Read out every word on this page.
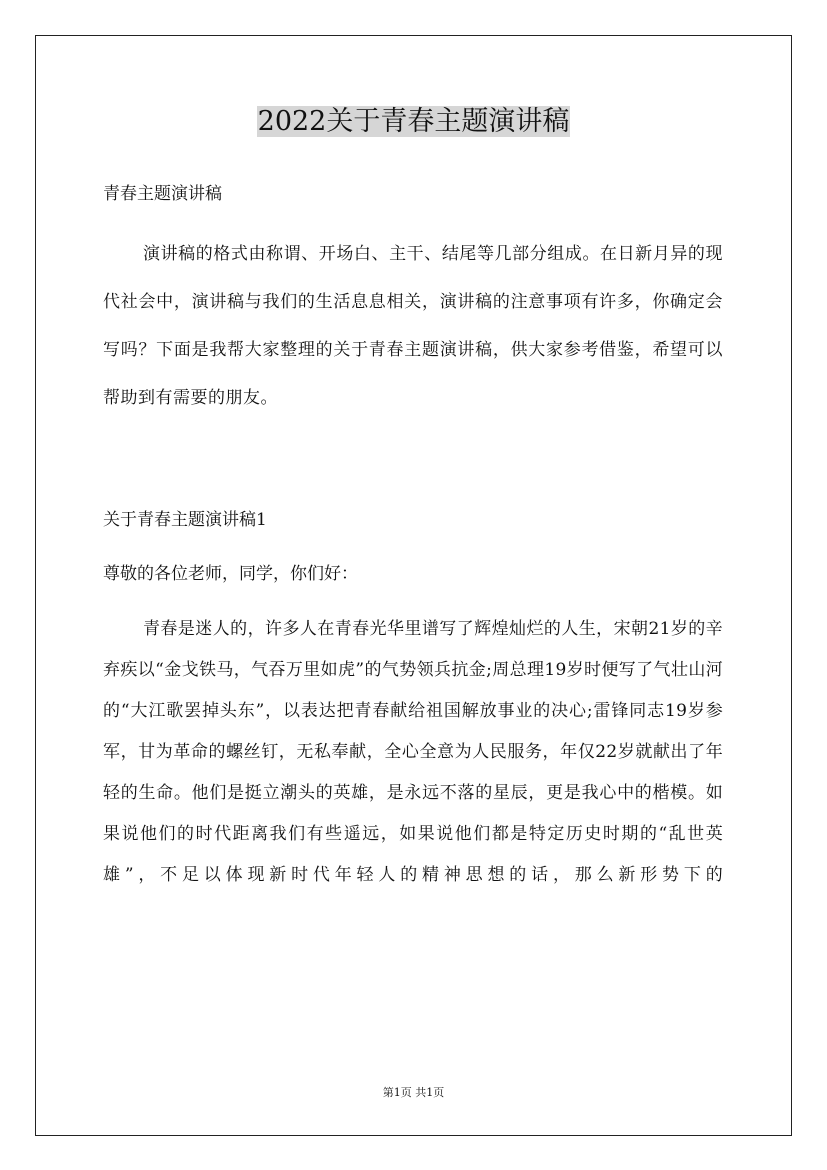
2022关于青春主题演讲稿

青春主题演讲稿

演讲稿的格式由称谓、开场白、主干、结尾等几部分组成。在日新月异的现代社会中，演讲稿与我们的生活息息相关，演讲稿的注意事项有许多，你确定会写吗？下面是我帮大家整理的关于青春主题演讲稿，供大家参考借鉴，希望可以帮助到有需要的朋友。

关于青春主题演讲稿1

尊敬的各位老师，同学，你们好：

青春是迷人的，许多人在青春光华里谱写了辉煌灿烂的人生，宋朝21岁的辛弃疾以“金戈铁马，气吞万里如虎”的气势领兵抗金;周总理19岁时便写了气壮山河的“大江歌罢掉头东”，以表达把青春献给祖国解放事业的决心;雷锋同志19岁参军，甘为革命的螺丝钉，无私奉献，全心全意为人民服务，年仅22岁就献出了年轻的生命。他们是挺立潮头的英雄，是永远不落的星辰，更是我心中的楷模。如果说他们的时代距离我们有些遥远，如果说他们都是特定历史时期的“乱世英雄”，不足以体现新时代年轻人的精神思想的话，那么新形势下的

第1页 共1页
